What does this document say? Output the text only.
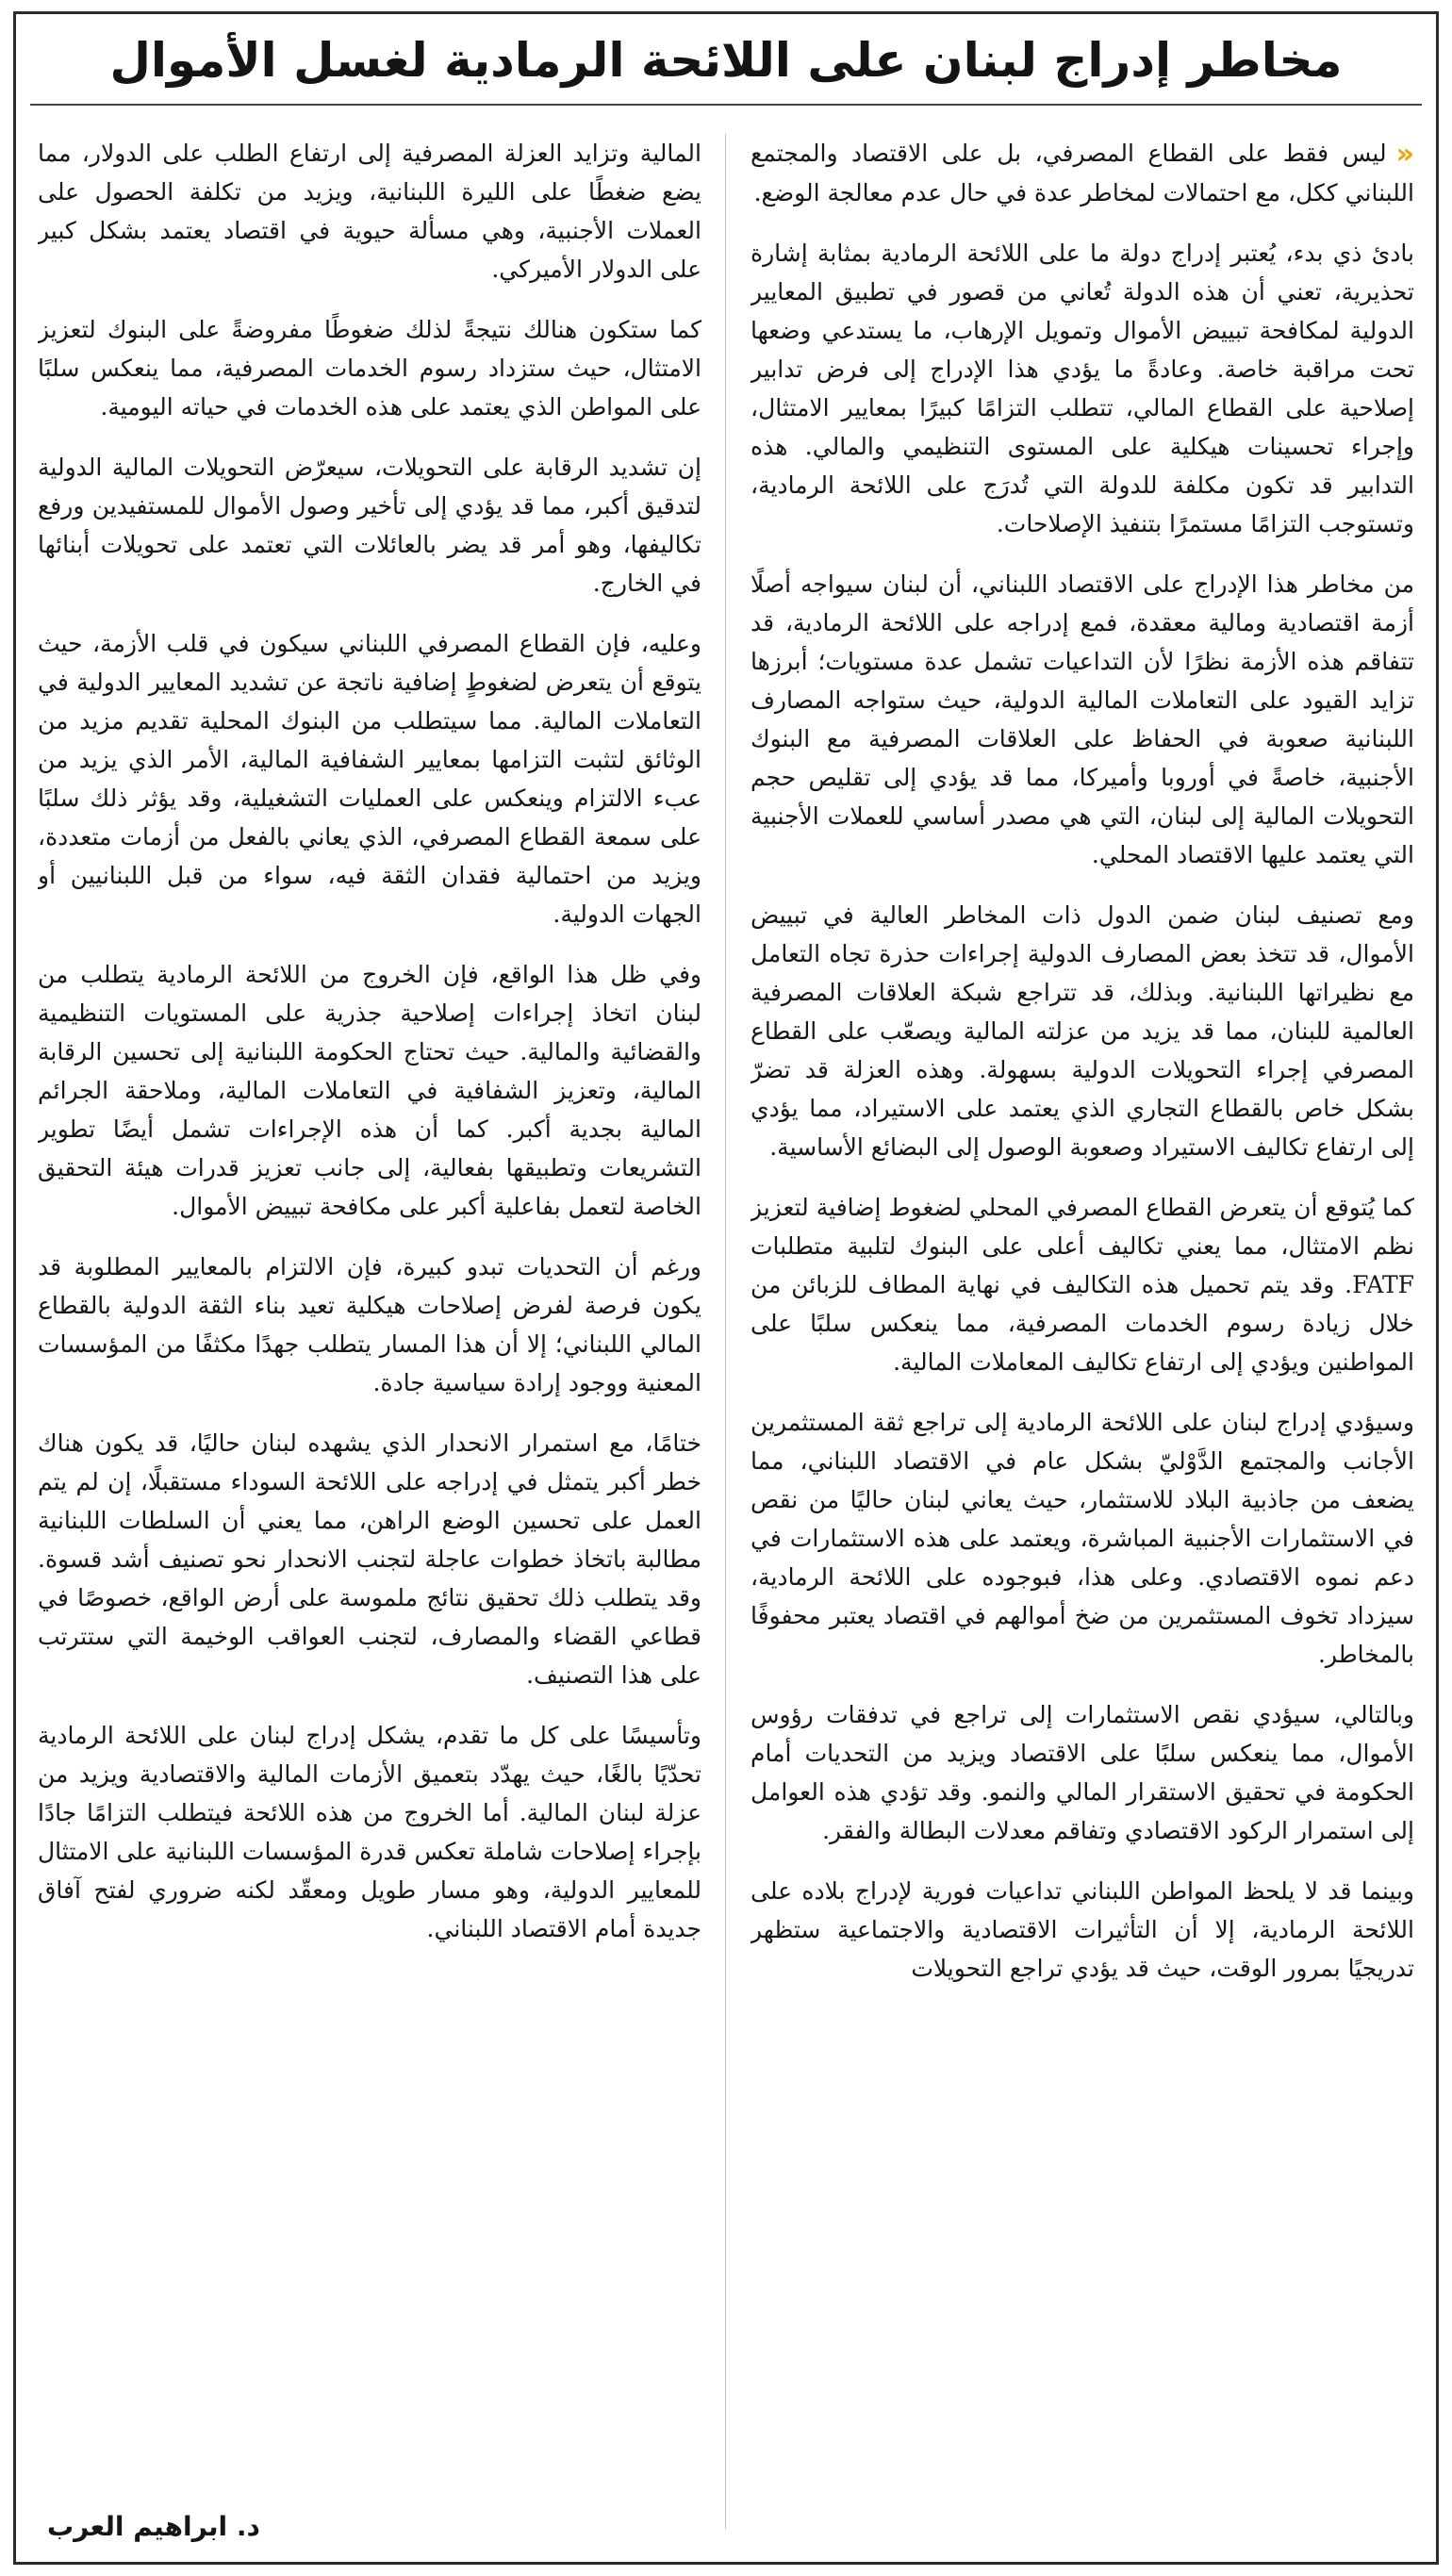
مخاطر إدراج لبنان على اللائحة الرمادية لغسل الأموال

«ليس فقط على القطاع المصرفي، بل على الاقتصاد والمجتمع اللبناني ككل، مع احتمالات لمخاطر عدة في حال عدم معالجة الوضع.

بادئ ذي بدء، يُعتبر إدراج دولة ما على اللائحة الرمادية بمثابة إشارة تحذيرية، تعني أن هذه الدولة تُعاني من قصور في تطبيق المعايير الدولية لمكافحة تبييض الأموال وتمويل الإرهاب، ما يستدعي وضعها تحت مراقبة خاصة. وعادةً ما يؤدي هذا الإدراج إلى فرض تدابير إصلاحية على القطاع المالي، تتطلب التزامًا كبيرًا بمعايير الامتثال، وإجراء تحسينات هيكلية على المستوى التنظيمي والمالي. هذه التدابير قد تكون مكلفة للدولة التي تُدرَج على اللائحة الرمادية، وتستوجب التزامًا مستمرًا بتنفيذ الإصلاحات.

من مخاطر هذا الإدراج على الاقتصاد اللبناني، أن لبنان سيواجه أصلًا أزمة اقتصادية ومالية معقدة، فمع إدراجه على اللائحة الرمادية، قد تتفاقم هذه الأزمة نظرًا لأن التداعيات تشمل عدة مستويات؛ أبرزها تزايد القيود على التعاملات المالية الدولية، حيث ستواجه المصارف اللبنانية صعوبة في الحفاظ على العلاقات المصرفية مع البنوك الأجنبية، خاصةً في أوروبا وأميركا، مما قد يؤدي إلى تقليص حجم التحويلات المالية إلى لبنان، التي هي مصدر أساسي للعملات الأجنبية التي يعتمد عليها الاقتصاد المحلي.

ومع تصنيف لبنان ضمن الدول ذات المخاطر العالية في تبييض الأموال، قد تتخذ بعض المصارف الدولية إجراءات حذرة تجاه التعامل مع نظيراتها اللبنانية. وبذلك، قد تتراجع شبكة العلاقات المصرفية العالمية للبنان، مما قد يزيد من عزلته المالية ويصعّب على القطاع المصرفي إجراء التحويلات الدولية بسهولة. وهذه العزلة قد تضرّ بشكل خاص بالقطاع التجاري الذي يعتمد على الاستيراد، مما يؤدي إلى ارتفاع تكاليف الاستيراد وصعوبة الوصول إلى البضائع الأساسية.

كما يُتوقع أن يتعرض القطاع المصرفي المحلي لضغوط إضافية لتعزيز نظم الامتثال، مما يعني تكاليف أعلى على البنوك لتلبية متطلبات FATF. وقد يتم تحميل هذه التكاليف في نهاية المطاف للزبائن من خلال زيادة رسوم الخدمات المصرفية، مما ينعكس سلبًا على المواطنين ويؤدي إلى ارتفاع تكاليف المعاملات المالية.

وسيؤدي إدراج لبنان على اللائحة الرمادية إلى تراجع ثقة المستثمرين الأجانب والمجتمع الدَّوْليّ بشكل عام في الاقتصاد اللبناني، مما يضعف من جاذبية البلاد للاستثمار، حيث يعاني لبنان حاليًا من نقص في الاستثمارات الأجنبية المباشرة، ويعتمد على هذه الاستثمارات في دعم نموه الاقتصادي. وعلى هذا، فبوجوده على اللائحة الرمادية، سيزداد تخوف المستثمرين من ضخ أموالهم في اقتصاد يعتبر محفوفًا بالمخاطر.

وبالتالي، سيؤدي نقص الاستثمارات إلى تراجع في تدفقات رؤوس الأموال، مما ينعكس سلبًا على الاقتصاد ويزيد من التحديات أمام الحكومة في تحقيق الاستقرار المالي والنمو. وقد تؤدي هذه العوامل إلى استمرار الركود الاقتصادي وتفاقم معدلات البطالة والفقر.

وبينما قد لا يلحظ المواطن اللبناني تداعيات فورية لإدراج بلاده على اللائحة الرمادية، إلا أن التأثيرات الاقتصادية والاجتماعية ستظهر تدريجيًا بمرور الوقت، حيث قد يؤدي تراجع التحويلات

المالية وتزايد العزلة المصرفية إلى ارتفاع الطلب على الدولار، مما يضع ضغطًا على الليرة اللبنانية، ويزيد من تكلفة الحصول على العملات الأجنبية، وهي مسألة حيوية في اقتصاد يعتمد بشكل كبير على الدولار الأميركي.

كما ستكون هنالك نتيجةً لذلك ضغوطًا مفروضةً على البنوك لتعزيز الامتثال، حيث ستزداد رسوم الخدمات المصرفية، مما ينعكس سلبًا على المواطن الذي يعتمد على هذه الخدمات في حياته اليومية.

إن تشديد الرقابة على التحويلات، سيعرّض التحويلات المالية الدولية لتدقيق أكبر، مما قد يؤدي إلى تأخير وصول الأموال للمستفيدين ورفع تكاليفها، وهو أمر قد يضر بالعائلات التي تعتمد على تحويلات أبنائها في الخارج.

وعليه، فإن القطاع المصرفي اللبناني سيكون في قلب الأزمة، حيث يتوقع أن يتعرض لضغوطٍ إضافية ناتجة عن تشديد المعايير الدولية في التعاملات المالية. مما سيتطلب من البنوك المحلية تقديم مزيد من الوثائق لتثبت التزامها بمعايير الشفافية المالية، الأمر الذي يزيد من عبء الالتزام وينعكس على العمليات التشغيلية، وقد يؤثر ذلك سلبًا على سمعة القطاع المصرفي، الذي يعاني بالفعل من أزمات متعددة، ويزيد من احتمالية فقدان الثقة فيه، سواء من قبل اللبنانيين أو الجهات الدولية.

وفي ظل هذا الواقع، فإن الخروج من اللائحة الرمادية يتطلب من لبنان اتخاذ إجراءات إصلاحية جذرية على المستويات التنظيمية والقضائية والمالية. حيث تحتاج الحكومة اللبنانية إلى تحسين الرقابة المالية، وتعزيز الشفافية في التعاملات المالية، وملاحقة الجرائم المالية بجدية أكبر. كما أن هذه الإجراءات تشمل أيضًا تطوير التشريعات وتطبيقها بفعالية، إلى جانب تعزيز قدرات هيئة التحقيق الخاصة لتعمل بفاعلية أكبر على مكافحة تبييض الأموال.

ورغم أن التحديات تبدو كبيرة، فإن الالتزام بالمعايير المطلوبة قد يكون فرصة لفرض إصلاحات هيكلية تعيد بناء الثقة الدولية بالقطاع المالي اللبناني؛ إلا أن هذا المسار يتطلب جهدًا مكثفًا من المؤسسات المعنية ووجود إرادة سياسية جادة.

ختامًا، مع استمرار الانحدار الذي يشهده لبنان حاليًا، قد يكون هناك خطر أكبر يتمثل في إدراجه على اللائحة السوداء مستقبلًا، إن لم يتم العمل على تحسين الوضع الراهن، مما يعني أن السلطات اللبنانية مطالبة باتخاذ خطوات عاجلة لتجنب الانحدار نحو تصنيف أشد قسوة. وقد يتطلب ذلك تحقيق نتائج ملموسة على أرض الواقع، خصوصًا في قطاعي القضاء والمصارف، لتجنب العواقب الوخيمة التي ستترتب على هذا التصنيف.

وتأسيسًا على كل ما تقدم، يشكل إدراج لبنان على اللائحة الرمادية تحدّيًا بالغًا، حيث يهدّد بتعميق الأزمات المالية والاقتصادية ويزيد من عزلة لبنان المالية. أما الخروج من هذه اللائحة فيتطلب التزامًا جادًا بإجراء إصلاحات شاملة تعكس قدرة المؤسسات اللبنانية على الامتثال للمعايير الدولية، وهو مسار طويل ومعقّد لكنه ضروري لفتح آفاق جديدة أمام الاقتصاد اللبناني.

د. ابراهيم العرب
